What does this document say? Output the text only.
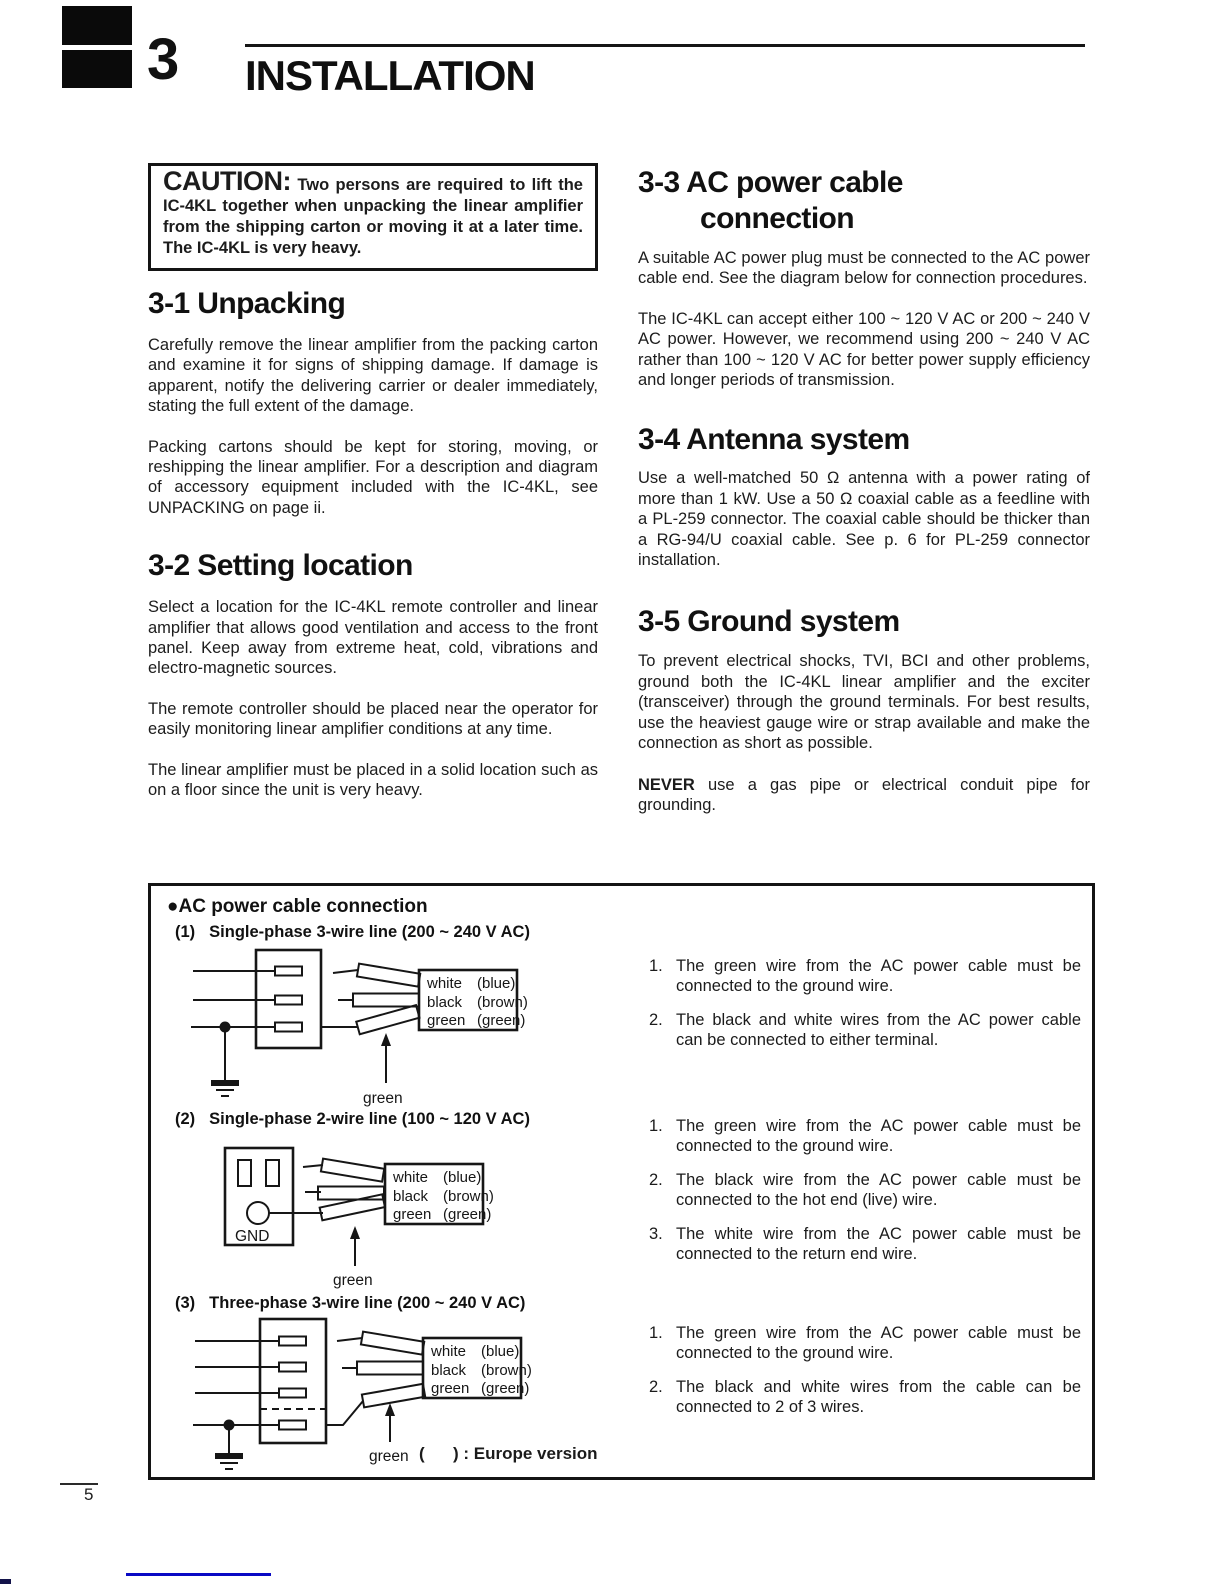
3 INSTALLATION
CAUTION: Two persons are required to lift the IC-4KL together when unpacking the linear amplifier from the shipping carton or moving it at a later time. The IC-4KL is very heavy.
3-1 Unpacking

Carefully remove the linear amplifier from the packing carton and examine it for signs of shipping damage. If damage is apparent, notify the delivering carrier or dealer immediately, stating the full extent of the damage.

Packing cartons should be kept for storing, moving, or reshipping the linear amplifier. For a description and diagram of accessory equipment included with the IC-4KL, see UNPACKING on page ii.

3-2 Setting location

Select a location for the IC-4KL remote controller and linear amplifier that allows good ventilation and access to the front panel. Keep away from extreme heat, cold, vibrations and electro-magnetic sources.

The remote controller should be placed near the operator for easily monitoring linear amplifier conditions at any time.

The linear amplifier must be placed in a solid location such as on a floor since the unit is very heavy.

3-3 AC power cable
connection

A suitable AC power plug must be connected to the AC power cable end. See the diagram below for connection procedures.

The IC-4KL can accept either 100 ~ 120 V AC or 200 ~ 240 V AC power. However, we recommend using 200 ~ 240 V AC rather than 100 ~ 120 V AC for better power supply efficiency and longer periods of transmission.

3-4 Antenna system

Use a well-matched 50 Ω antenna with a power rating of more than 1 kW. Use a 50 Ω coaxial cable as a feedline with a PL-259 connector. The coaxial cable should be thicker than a RG-94/U coaxial cable. See p. 6 for PL-259 connector installation.

3-5 Ground system

To prevent electrical shocks, TVI, BCI and other problems, ground both the IC-4KL linear amplifier and the exciter (transceiver) through the ground terminals. For best results, use the heaviest gauge wire or strap available and make the connection as short as possible.

NEVER use a gas pipe or electrical conduit pipe for grounding.

●AC power cable connection
(1) Single-phase 3-wire line (200 ~ 240 V AC)
white (blue)
black (brown)
green (green)
green
1. The green wire from the AC power cable must be connected to the ground wire.
2. The black and white wires from the AC power cable can be connected to either terminal.
(2) Single-phase 2-wire line (100 ~ 120 V AC)
GND
white (blue)
black (brown)
green (green)
green
1. The green wire from the AC power cable must be connected to the ground wire.
2. The black wire from the AC power cable must be connected to the hot end (live) wire.
3. The white wire from the AC power cable must be connected to the return end wire.
(3) Three-phase 3-wire line (200 ~ 240 V AC)
white (blue)
black (brown)
green (green)
green
1. The green wire from the AC power cable must be connected to the ground wire.
2. The black and white wires from the cable can be connected to 2 of 3 wires.
(      ) : Europe version
5
